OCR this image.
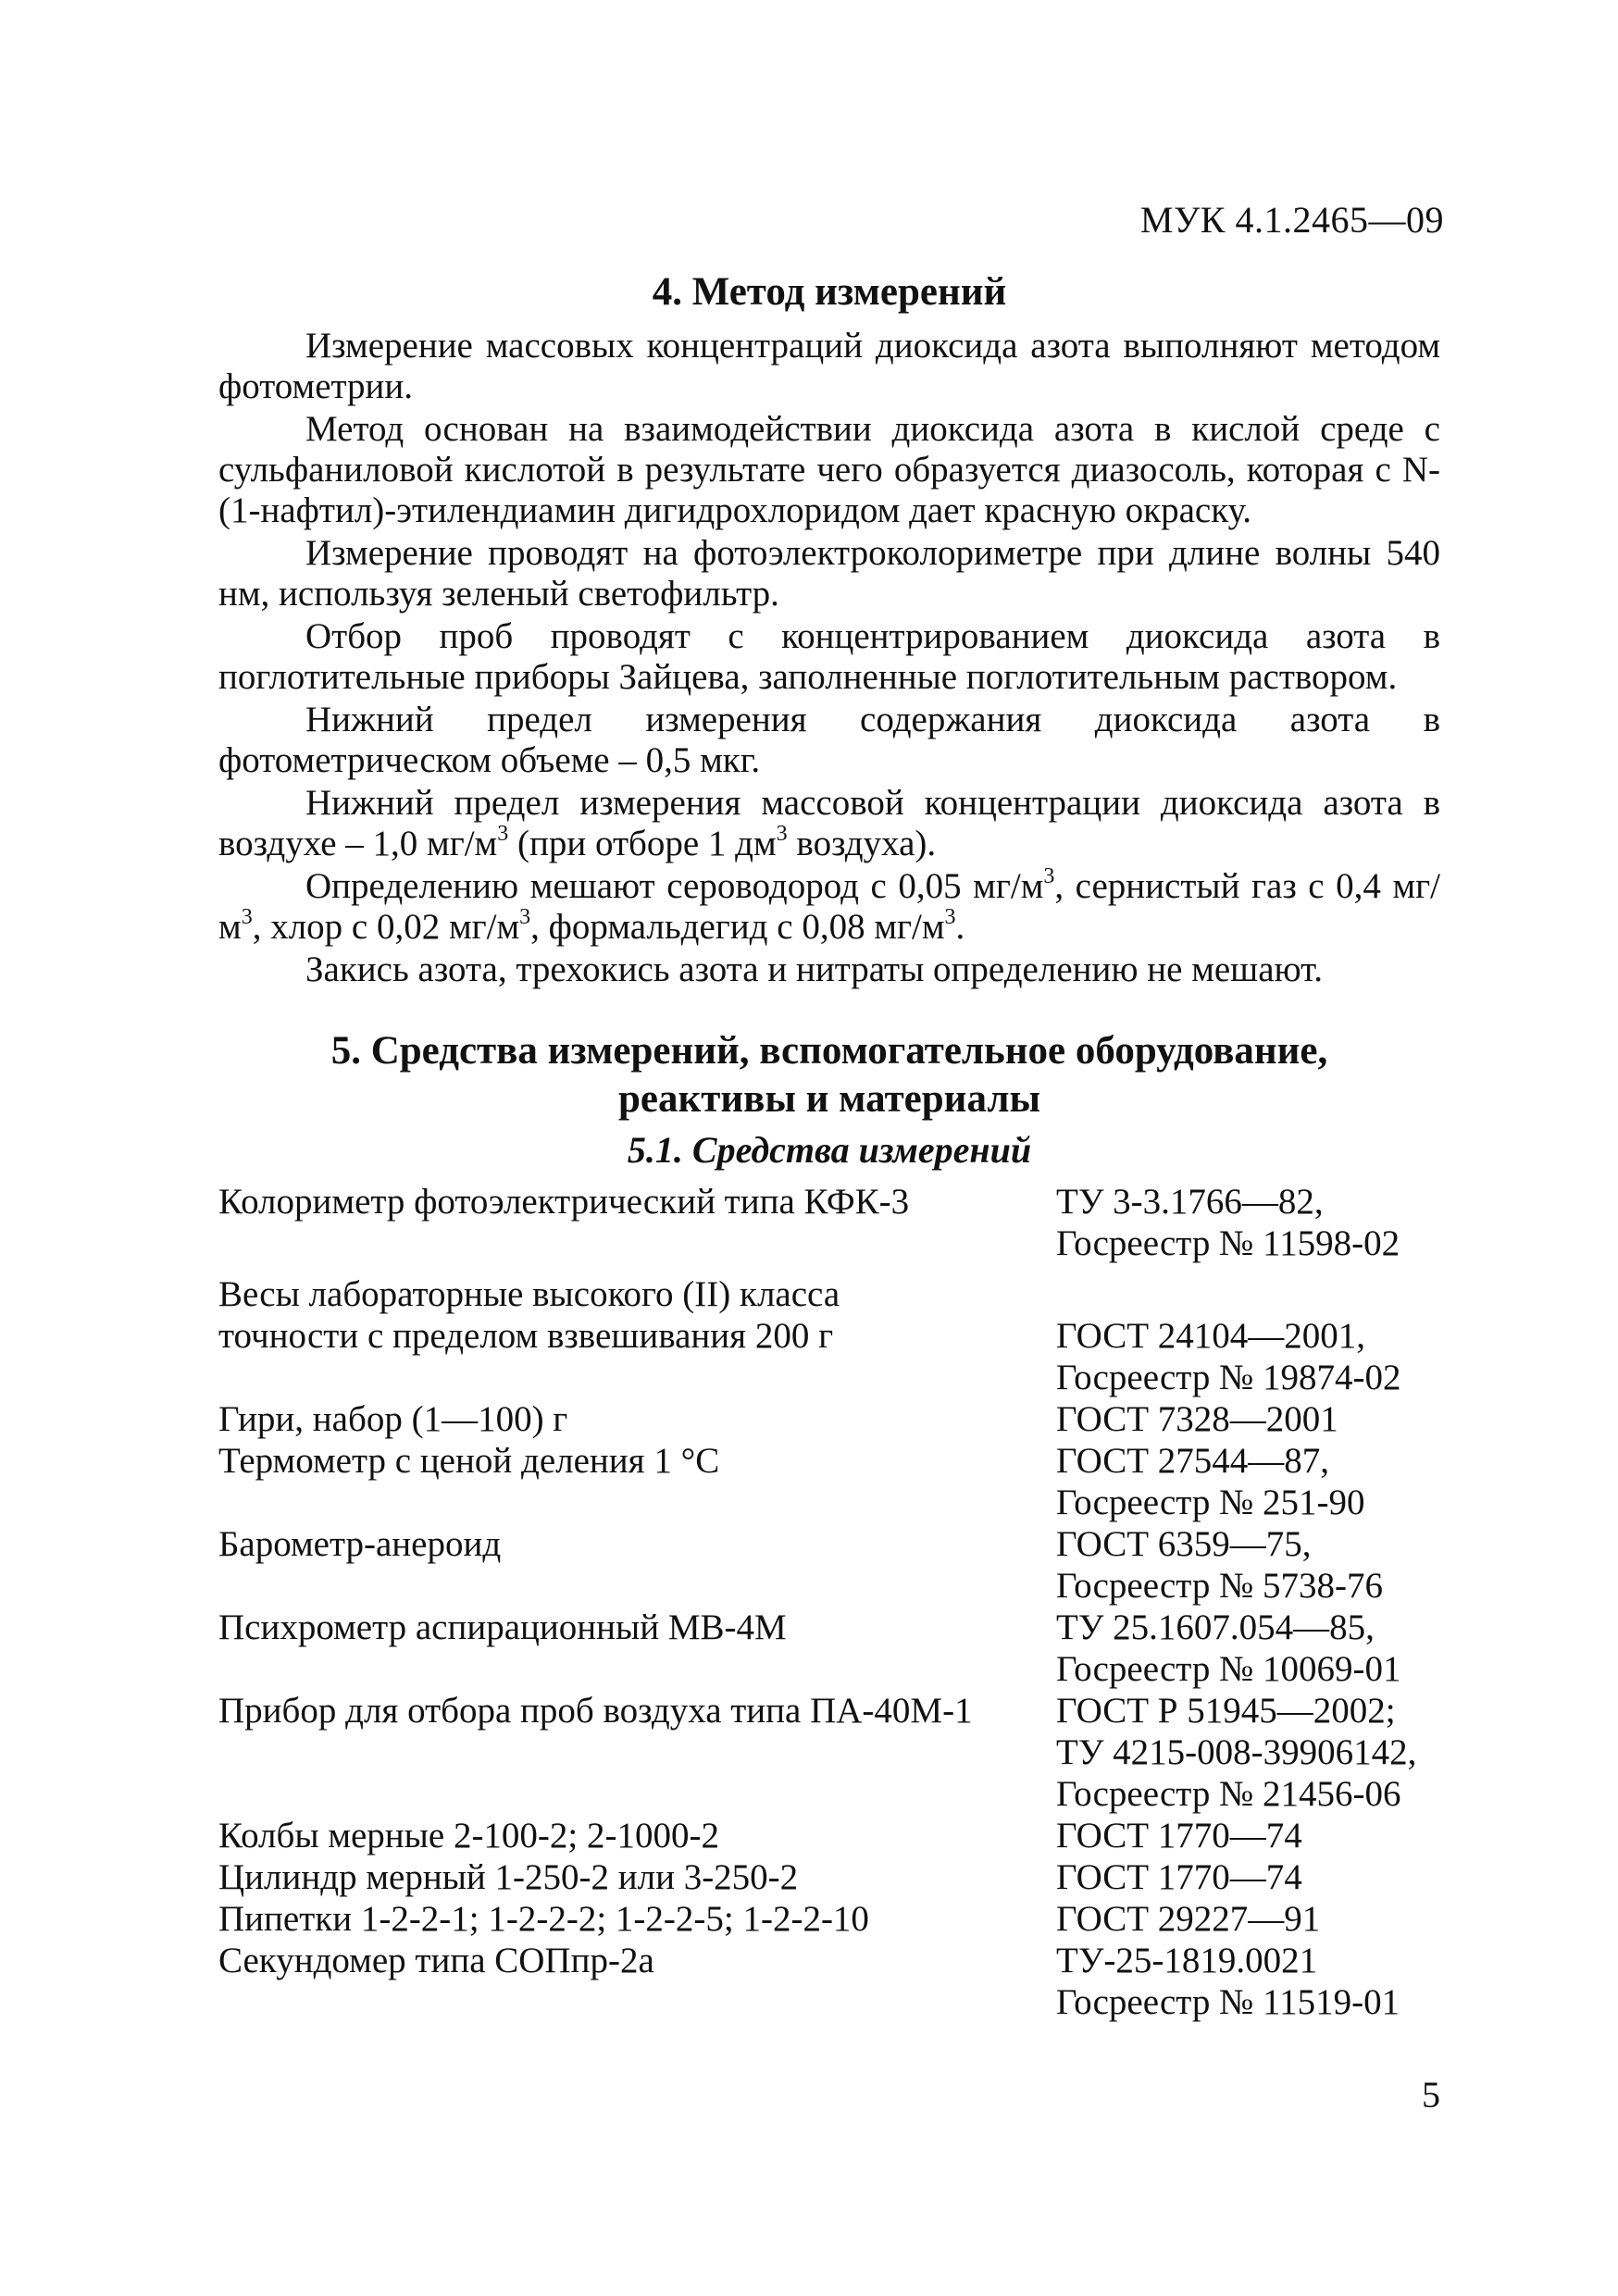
МУК 4.1.2465—09
4. Метод измерений

Измерение массовых концентраций диоксида азота выполняют методом фотометрии.

Метод основан на взаимодействии диоксида азота в кислой среде с сульфаниловой кислотой в результате чего образуется диазосоль, которая с N-(1-нафтил)-этилендиамин дигидрохлоридом дает красную окраску.

Измерение проводят на фотоэлектроколориметре при длине волны 540 нм, используя зеленый светофильтр.

Отбор проб проводят с концентрированием диоксида азота в поглотительные приборы Зайцева, заполненные поглотительным раствором.

Нижний предел измерения содержания диоксида азота в фотометрическом объеме – 0,5 мкг.

Нижний предел измерения массовой концентрации диоксида азота в воздухе – 1,0 $мг/м^3$ (при отборе 1 $дм^3$ воздуха).

Определению мешают сероводород с 0,05 $мг/м^3$, сернистый газ с 0,4 $мг/м^3$, хлор с 0,02 $мг/м^3$, формальдегид с 0,08 $мг/м^3$.

Закись азота, трехокись азота и нитраты определению не мешают.

5. Средства измерений, вспомогательное оборудование,
реактивы и материалы
5.1. Средства измерений
Колориметр фотоэлектрический типа КФК-3	ТУ 3-3.1766—82,
Госреестр № 11598-02

Весы лабораторные высокого (II) класса
точности с пределом взвешивания 200 г	ГОСТ 24104—2001,
Госреестр № 19874-02

Гири, набор (1—100) г	ГОСТ 7328—2001

Термометр с ценой деления 1 °С	ГОСТ 27544—87,
Госреестр № 251-90

Барометр-анероид	ГОСТ 6359—75,
Госреестр № 5738-76

Психрометр аспирационный МВ-4М	ТУ 25.1607.054—85,
Госреестр № 10069-01

Прибор для отбора проб воздуха типа ПА-40М-1	ГОСТ Р 51945—2002;
ТУ 4215-008-39906142,
Госреестр № 21456-06

Колбы мерные 2-100-2; 2-1000-2	ГОСТ 1770—74

Цилиндр мерный 1-250-2 или 3-250-2	ГОСТ 1770—74

Пипетки 1-2-2-1; 1-2-2-2; 1-2-2-5; 1-2-2-10	ГОСТ 29227—91

Секундомер типа СОПпр-2а	ТУ-25-1819.0021
Госреестр № 11519-01
5
